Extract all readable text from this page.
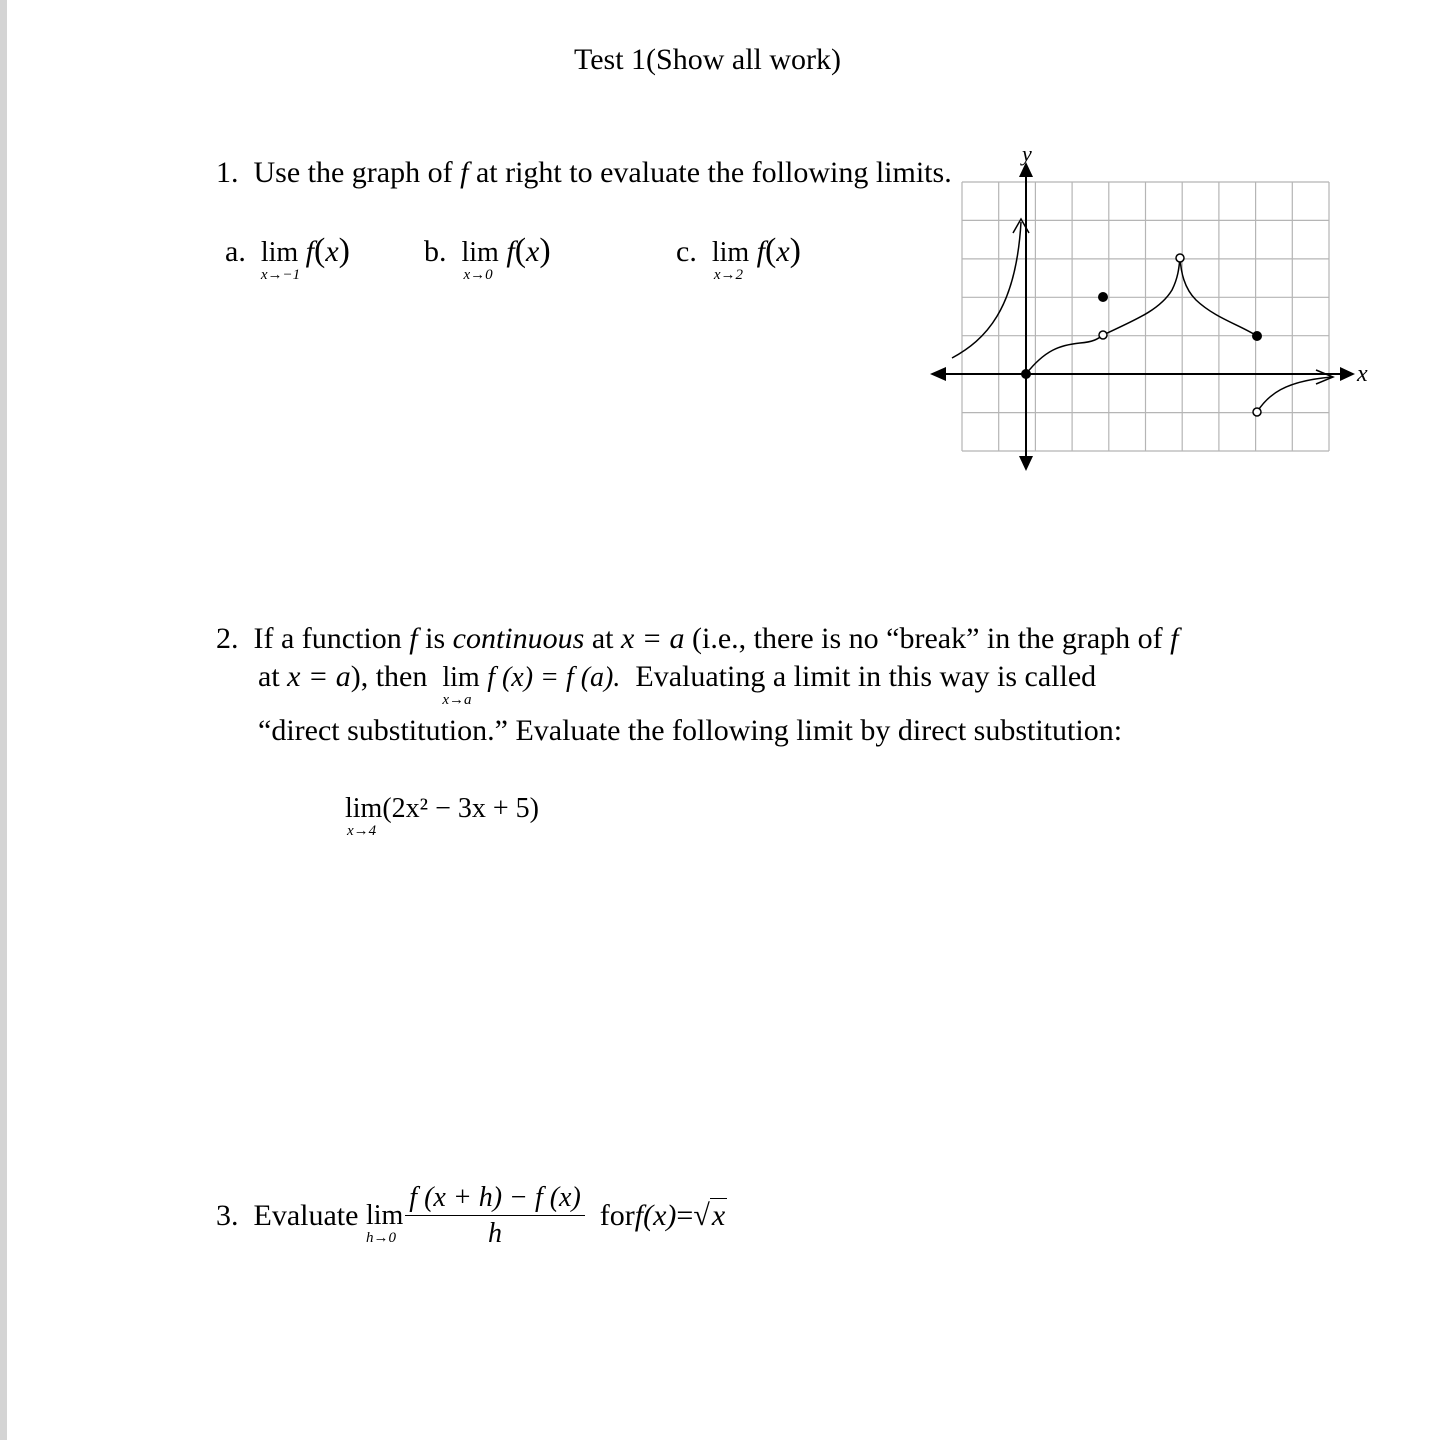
Test 1(Show all work)
1. Use the graph of f at right to evaluate the following limits.
a. lim
x→−1
f(x) b. lim
x→0
f(x)	c. lim
x→2
f(x)
x
y
2. If a function f is continuous at x = a (i.e., there is no “break” in the graph of f
at x = a), then lim
x→a
f (x) = f (a). Evaluating a limit in this way is called
“direct substitution.” Evaluate the following limit by direct substitution:
lim
x→4
(2x² − 3x + 5)
3.
Evaluate
lim
$h\to 0 \frac{f (x + h) - f (x)}{h}$
for f(x) = √x
